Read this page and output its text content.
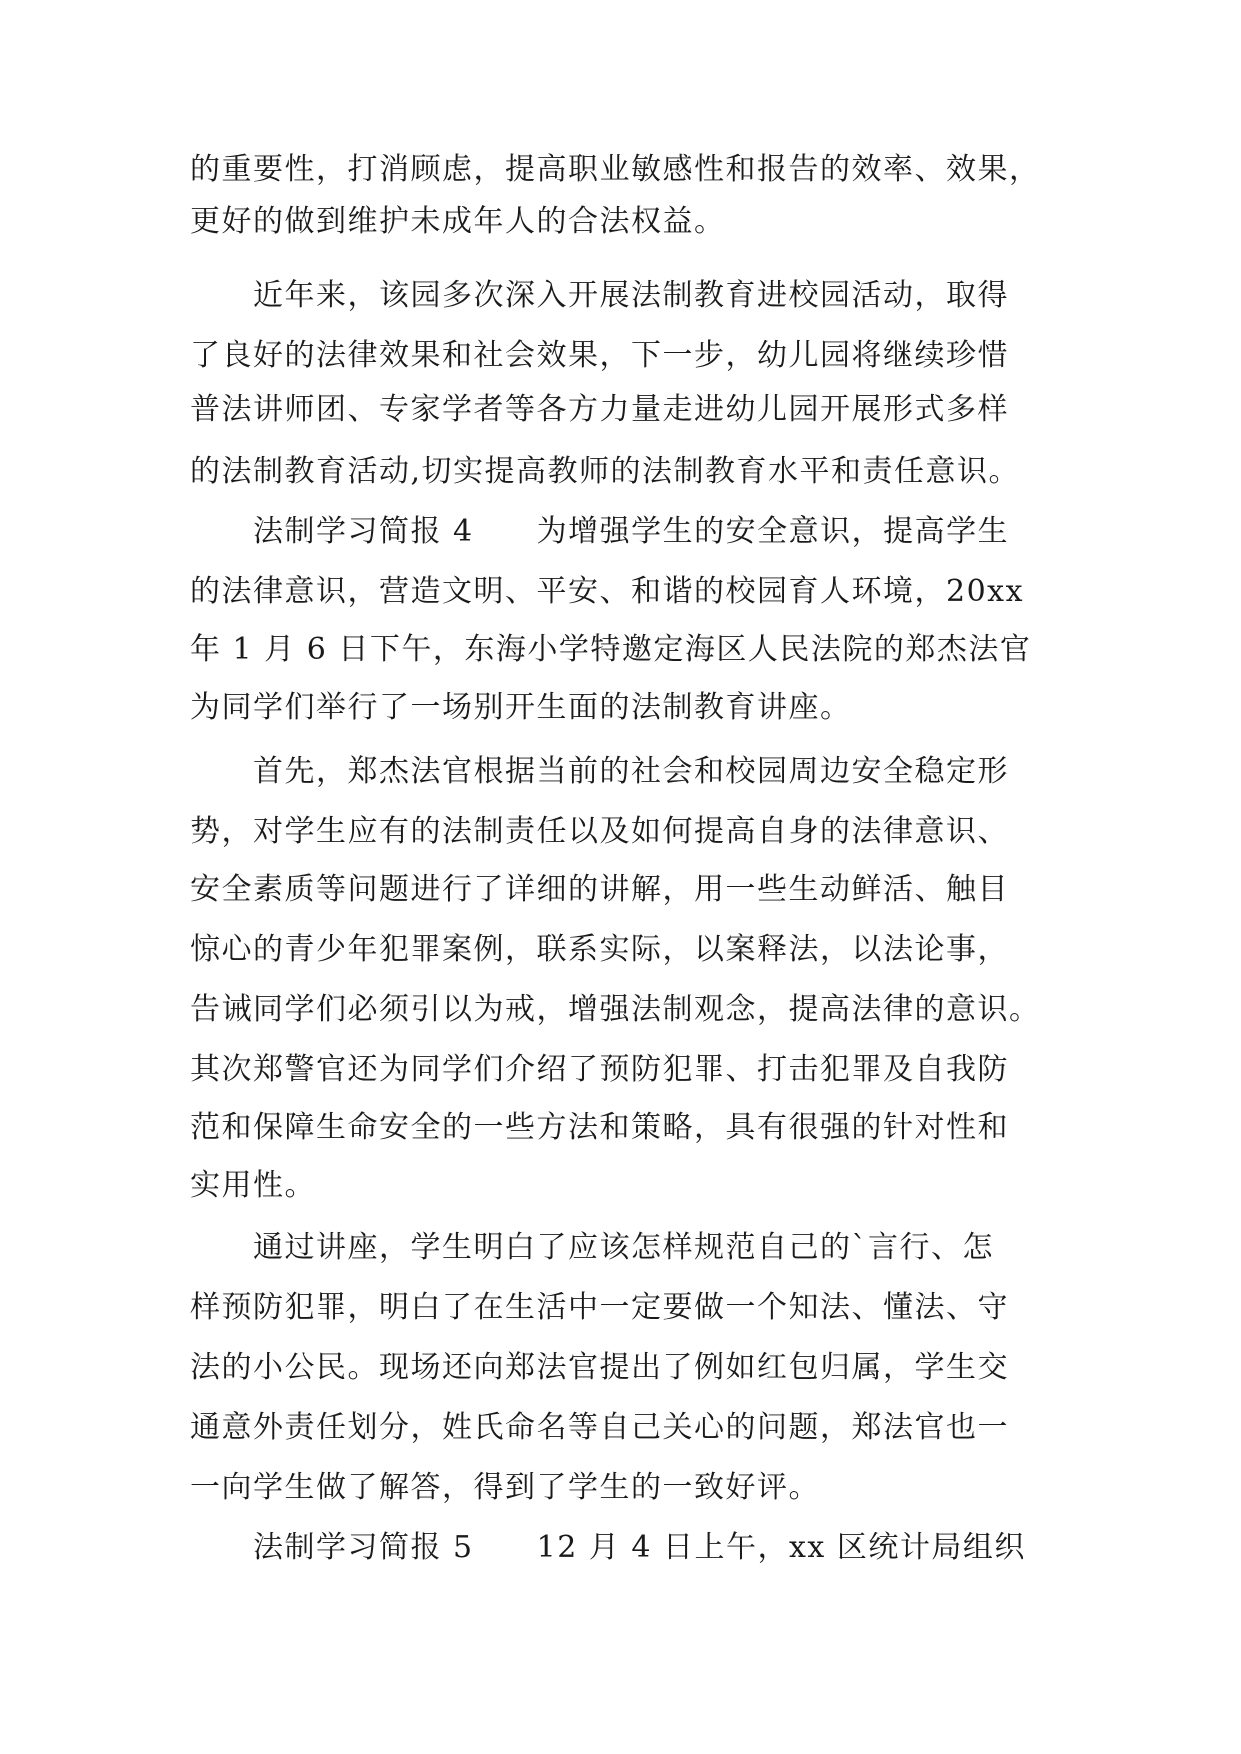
的重要性，打消顾虑，提高职业敏感性和报告的效率、效果，
更好的做到维护未成年人的合法权益。
　　近年来，该园多次深入开展法制教育进校园活动，取得
了良好的法律效果和社会效果，下一步，幼儿园将继续珍惜
普法讲师团、专家学者等各方力量走进幼儿园开展形式多样
的法制教育活动,切实提高教师的法制教育水平和责任意识。
　　法制学习简报 4　　为增强学生的安全意识，提高学生
的法律意识，营造文明、平安、和谐的校园育人环境，20xx
年 1 月 6 日下午，东海小学特邀定海区人民法院的郑杰法官
为同学们举行了一场别开生面的法制教育讲座。
　　首先，郑杰法官根据当前的社会和校园周边安全稳定形
势，对学生应有的法制责任以及如何提高自身的法律意识、
安全素质等问题进行了详细的讲解，用一些生动鲜活、触目
惊心的青少年犯罪案例，联系实际，以案释法，以法论事，
告诫同学们必须引以为戒，增强法制观念，提高法律的意识。
其次郑警官还为同学们介绍了预防犯罪、打击犯罪及自我防
范和保障生命安全的一些方法和策略，具有很强的针对性和
实用性。
　　通过讲座，学生明白了应该怎样规范自己的`言行、怎
样预防犯罪，明白了在生活中一定要做一个知法、懂法、守
法的小公民。现场还向郑法官提出了例如红包归属，学生交
通意外责任划分，姓氏命名等自己关心的问题，郑法官也一
一向学生做了解答，得到了学生的一致好评。
　　法制学习简报 5　　12 月 4 日上午，xx 区统计局组织
